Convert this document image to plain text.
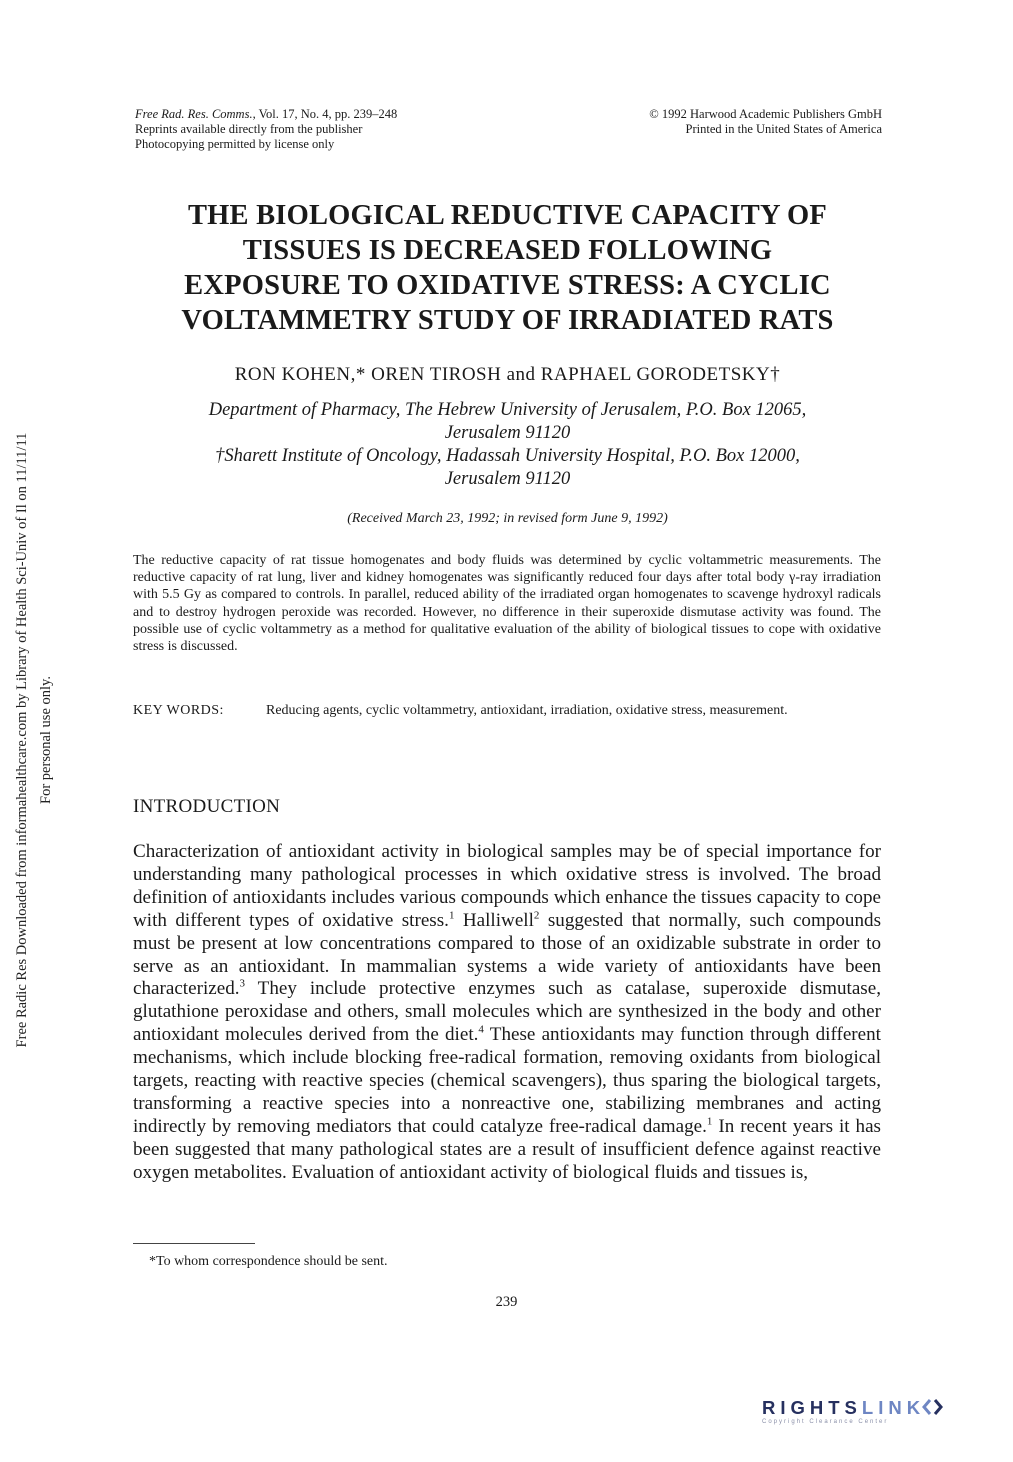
Free Rad. Res. Comms., Vol. 17, No. 4, pp. 239–248
Reprints available directly from the publisher
Photocopying permitted by license only
© 1992 Harwood Academic Publishers GmbH
Printed in the United States of America
THE BIOLOGICAL REDUCTIVE CAPACITY OF
TISSUES IS DECREASED FOLLOWING
EXPOSURE TO OXIDATIVE STRESS: A CYCLIC
VOLTAMMETRY STUDY OF IRRADIATED RATS
RON KOHEN,* OREN TIROSH and RAPHAEL GORODETSKY†
Department of Pharmacy, The Hebrew University of Jerusalem, P.O. Box 12065,
Jerusalem 91120
†Sharett Institute of Oncology, Hadassah University Hospital, P.O. Box 12000,
Jerusalem 91120
(Received March 23, 1992; in revised form June 9, 1992)
The reductive capacity of rat tissue homogenates and body fluids was determined by cyclic voltammetric measurements. The reductive capacity of rat lung, liver and kidney homogenates was significantly reduced four days after total body γ-ray irradiation with 5.5 Gy as compared to controls. In parallel, reduced ability of the irradiated organ homogenates to scavenge hydroxyl radicals and to destroy hydrogen peroxide was recorded. However, no difference in their superoxide dismutase activity was found. The possible use of cyclic voltammetry as a method for qualitative evaluation of the ability of biological tissues to cope with oxidative stress is discussed.
KEY WORDS:	Reducing agents, cyclic voltammetry, antioxidant, irradiation, oxidative stress, measurement.
INTRODUCTION
Characterization of antioxidant activity in biological samples may be of special importance for understanding many pathological processes in which oxidative stress is involved. The broad definition of antioxidants includes various compounds which enhance the tissues capacity to cope with different types of oxidative stress.$^1$ Halliwell$^2$ suggested that normally, such compounds must be present at low concentrations compared to those of an oxidizable substrate in order to serve as an antioxidant. In mammalian systems a wide variety of antioxidants have been characterized.$^3$ They include protective enzymes such as catalase, superoxide dismutase, glutathione peroxidase and others, small molecules which are synthesized in the body and other antioxidant molecules derived from the diet.$^4$ These antioxidants may function through different mechanisms, which include blocking free-radical formation, removing oxidants from biological targets, reacting with reactive species (chemical scavengers), thus sparing the biological targets, transforming a reactive species into a nonreactive one, stabilizing membranes and acting indirectly by removing mediators that could catalyze free-radical damage.$^1$ In recent years it has been suggested that many pathological states are a result of insufficient defence against reactive oxygen metabolites. Evaluation of antioxidant activity of biological fluids and tissues is,
*To whom correspondence should be sent.
239
Free Radic Res Downloaded from informahealthcare.com by Library of Health Sci-Univ of Il on 11/11/11 For personal use only.
RIGHTSLINK
Copyright Clearance Center
